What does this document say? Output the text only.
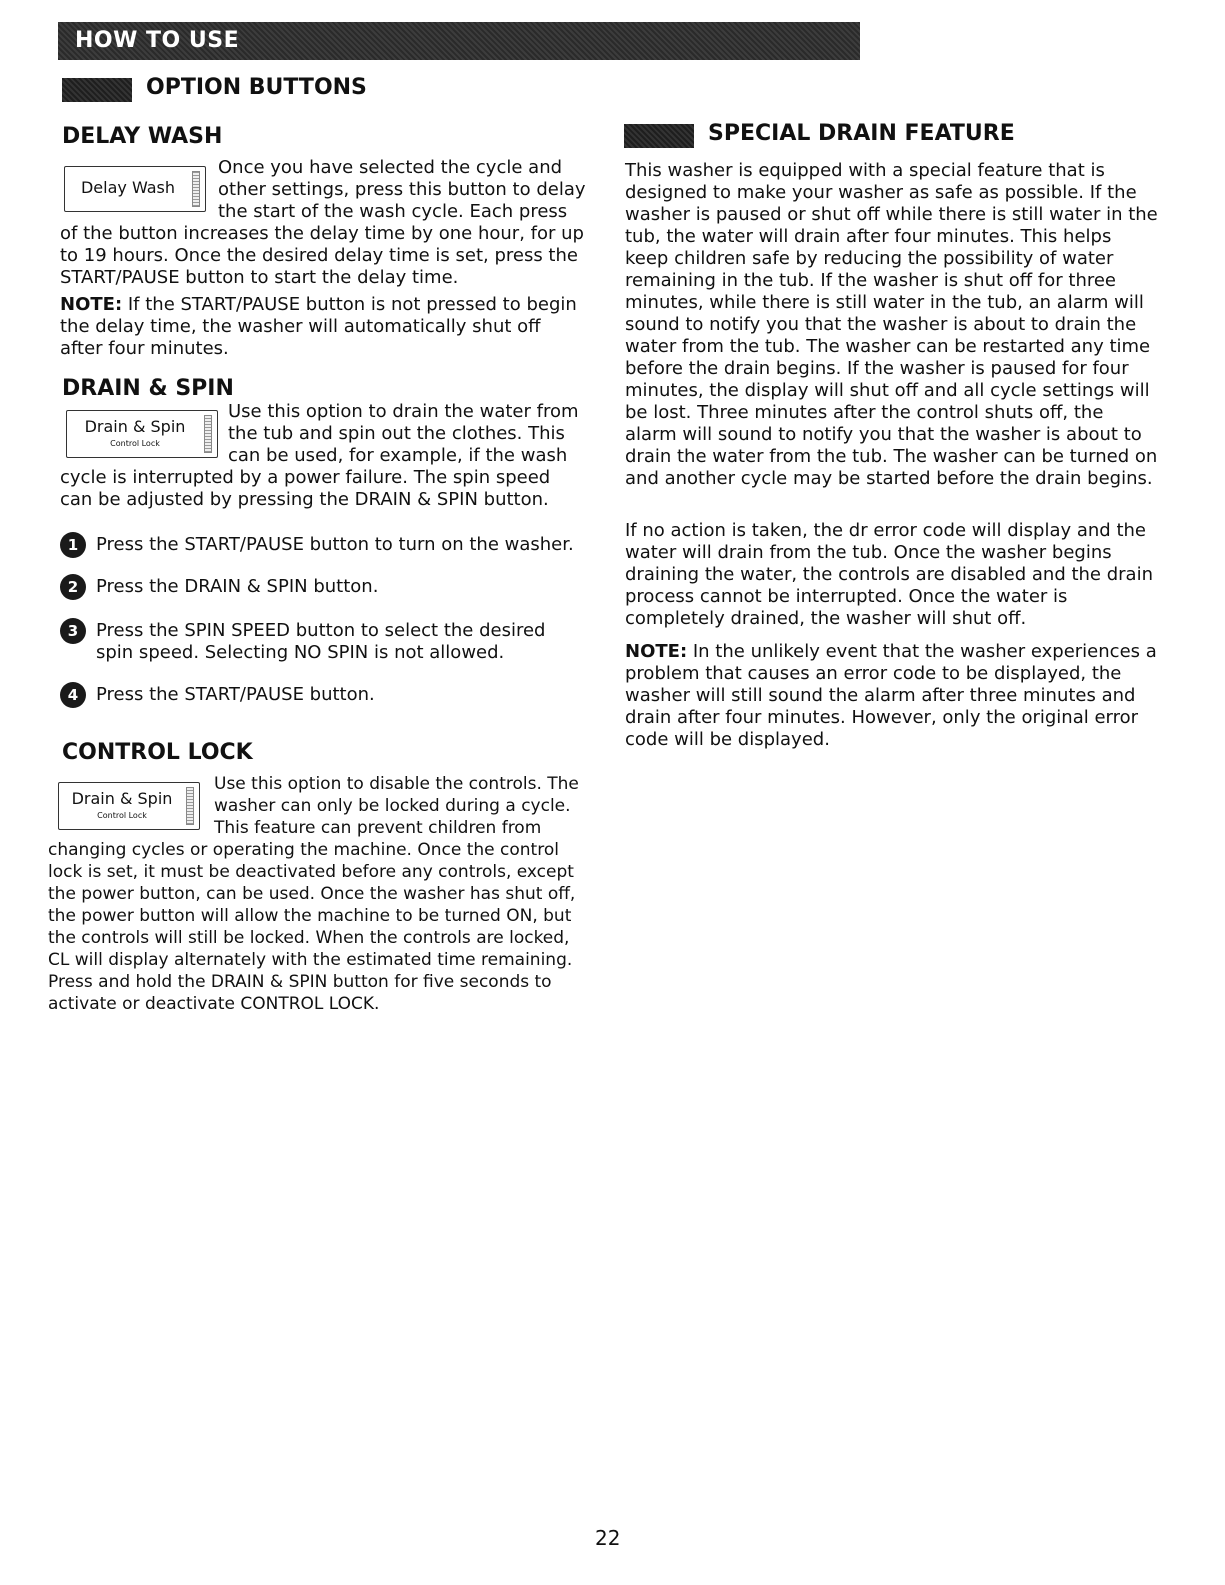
HOW TO USE
OPTION BUTTONS
DELAY WASH
Delay Wash

Once you have selected the cycle and
other settings, press this button to delay
the start of the wash cycle. Each press

of the button increases the delay time by one hour, for up to 19 hours. Once the desired delay time is set, press the START/PAUSE button to start the delay time.

NOTE: If the START/PAUSE button is not pressed to begin the delay time, the washer will automatically shut off after four minutes.

DRAIN & SPIN
Drain & Spin
Control Lock

Use this option to drain the water from
the tub and spin out the clothes. This
can be used, for example, if the wash

cycle is interrupted by a power failure. The spin speed can be adjusted by pressing the DRAIN & SPIN button.

1 Press the START/PAUSE button to turn on the washer.
2 Press the DRAIN & SPIN button.
3 Press the SPIN SPEED button to select the desired
spin speed. Selecting NO SPIN is not allowed.
4 Press the START/PAUSE button.
CONTROL LOCK
Drain & Spin
Control Lock

Use this option to disable the controls. The
washer can only be locked during a cycle.
This feature can prevent children from

changing cycles or operating the machine. Once the control lock is set, it must be deactivated before any controls, except the power button, can be used. Once the washer has shut off, the power button will allow the machine to be turned ON, but the controls will still be locked. When the controls are locked, CL will display alternately with the estimated time remaining. Press and hold the DRAIN & SPIN button for five seconds to activate or deactivate CONTROL LOCK.

SPECIAL DRAIN FEATURE

This washer is equipped with a special feature that is designed to make your washer as safe as possible. If the washer is paused or shut off while there is still water in the tub, the water will drain after four minutes. This helps keep children safe by reducing the possibility of water remaining in the tub. If the washer is shut off for three minutes, while there is still water in the tub, an alarm will sound to notify you that the washer is about to drain the water from the tub. The washer can be restarted any time before the drain begins. If the washer is paused for four minutes, the display will shut off and all cycle settings will be lost. Three minutes after the control shuts off, the alarm will sound to notify you that the washer is about to drain the water from the tub. The washer can be turned on and another cycle may be started before the drain begins.

If no action is taken, the dr error code will display and the water will drain from the tub. Once the washer begins draining the water, the controls are disabled and the drain process cannot be interrupted. Once the water is completely drained, the washer will shut off.

NOTE: In the unlikely event that the washer experiences a problem that causes an error code to be displayed, the washer will still sound the alarm after three minutes and drain after four minutes. However, only the original error code will be displayed.

22
